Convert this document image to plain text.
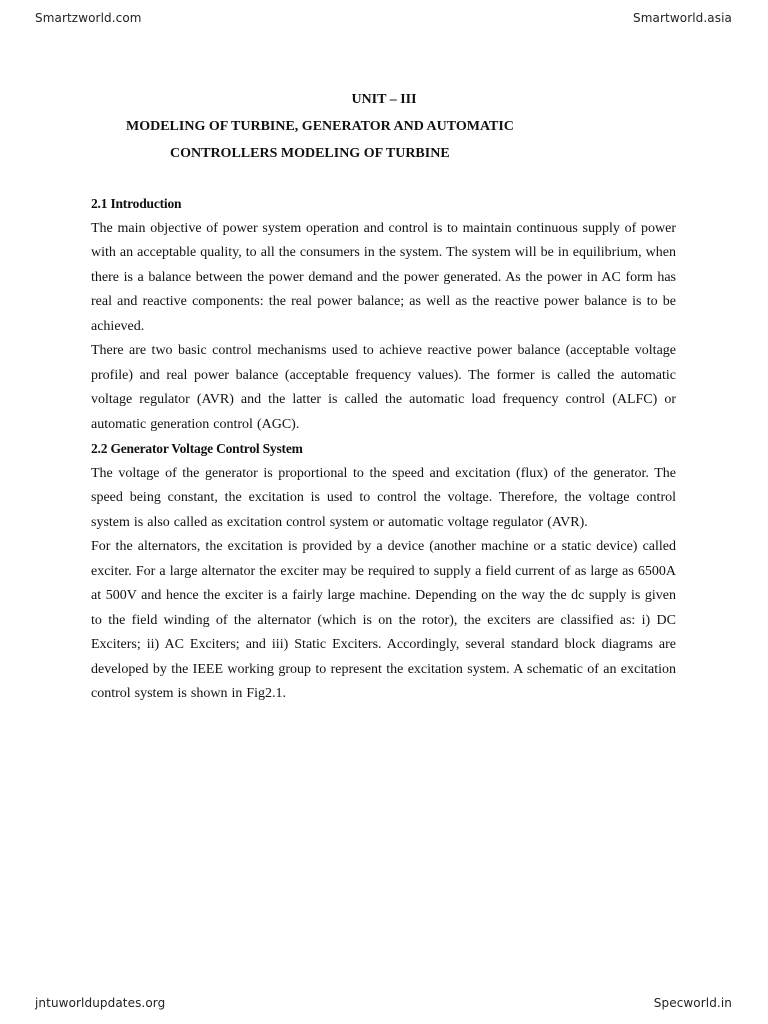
Smartzworld.com	Smartworld.asia
UNIT – III
MODELING OF TURBINE, GENERATOR AND AUTOMATIC
CONTROLLERS MODELING OF TURBINE
2.1 Introduction

The main objective of power system operation and control is to maintain continuous supply of power with an acceptable quality, to all the consumers in the system. The system will be in equilibrium, when there is a balance between the power demand and the power generated. As the power in AC form has real and reactive components: the real power balance; as well as the reactive power balance is to be achieved.

There are two basic control mechanisms used to achieve reactive power balance (acceptable voltage profile) and real power balance (acceptable frequency values). The former is called the automatic voltage regulator (AVR) and the latter is called the automatic load frequency control (ALFC) or automatic generation control (AGC).

2.2 Generator Voltage Control System

The voltage of the generator is proportional to the speed and excitation (flux) of the generator. The speed being constant, the excitation is used to control the voltage. Therefore, the voltage control system is also called as excitation control system or automatic voltage regulator (AVR).

For the alternators, the excitation is provided by a device (another machine or a static device) called exciter. For a large alternator the exciter may be required to supply a field current of as large as 6500A at 500V and hence the exciter is a fairly large machine. Depending on the way the dc supply is given to the field winding of the alternator (which is on the rotor), the exciters are classified as: i) DC Exciters; ii) AC Exciters; and iii) Static Exciters. Accordingly, several standard block diagrams are developed by the IEEE working group to represent the excitation system. A schematic of an excitation control system is shown in Fig2.1.

jntuworldupdates.org	Specworld.in
